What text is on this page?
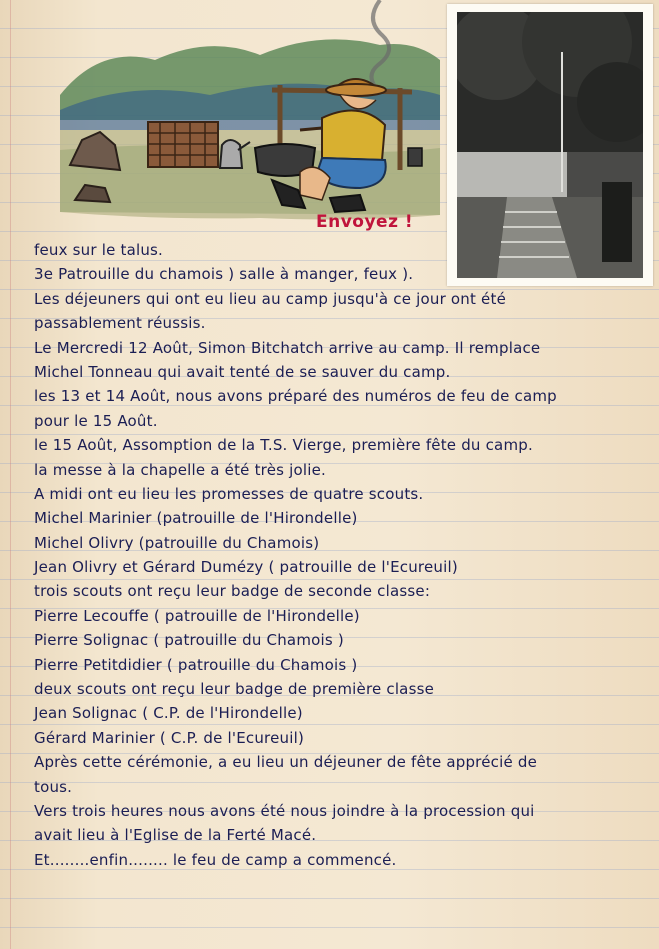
Envoyez !
feux sur le talus.
3e Patrouille du chamois ) salle à manger, feux ).
Les déjeuners qui ont eu lieu au camp jusqu'à ce jour ont été
passablement réussis.
Le Mercredi 12 Août, Simon Bitchatch arrive au camp. Il remplace
Michel Tonneau qui avait tenté de se sauver du camp.
les 13 et 14 Août, nous avons préparé des numéros de feu de camp
pour le 15 Août.
le 15 Août, Assomption de la T.S. Vierge, première fête du camp.
la messe à la chapelle a été très jolie.
A midi ont eu lieu les promesses de quatre scouts.
Michel Marinier (patrouille de l'Hirondelle)
Michel Olivry (patrouille du Chamois)
Jean Olivry et Gérard Dumézy ( patrouille de l'Ecureuil)
trois scouts ont reçu leur badge de seconde classe:
Pierre Lecouffe ( patrouille de l'Hirondelle)
Pierre Solignac ( patrouille du Chamois )
Pierre Petitdidier ( patrouille du Chamois )
deux scouts ont reçu leur badge de première classe
Jean Solignac ( C.P. de l'Hirondelle)
Gérard Marinier ( C.P. de l'Ecureuil)
Après cette cérémonie, a eu lieu un déjeuner de fête apprécié de
tous.
Vers trois heures nous avons été nous joindre à la procession qui
avait lieu à l'Eglise de la Ferté Macé.
Et........enfin........ le feu de camp a commencé.
